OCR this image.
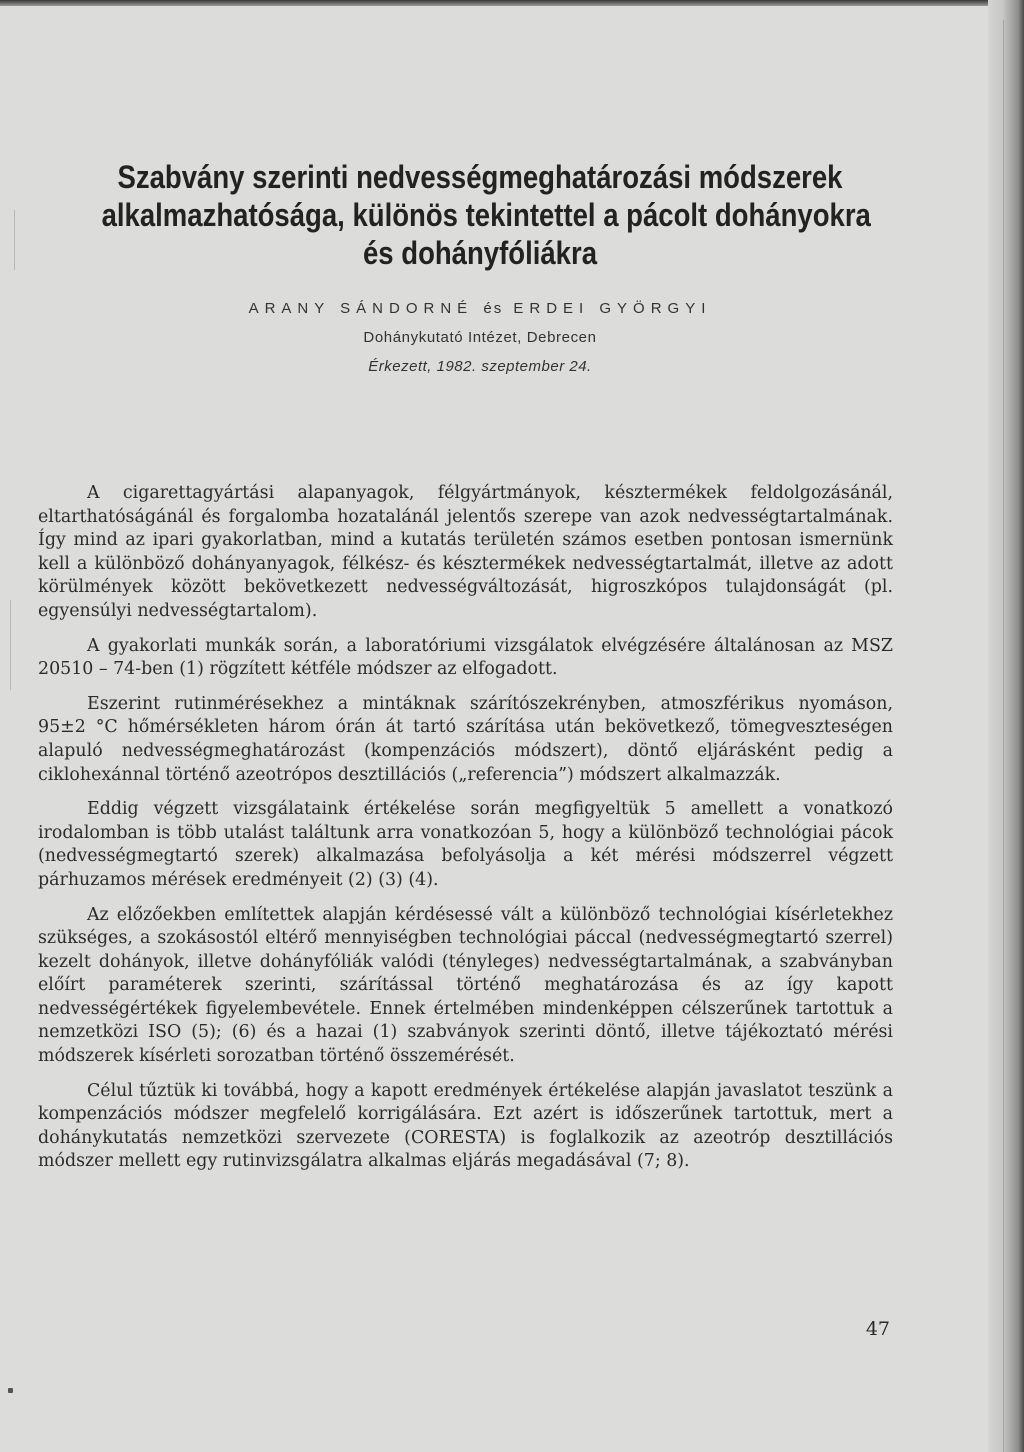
Szabvány szerinti nedvességmeghatározási módszerek
alkalmazhatósága, különös tekintettel a pácolt dohányokra
és dohányfóliákra
ARANY SÁNDORNÉ és ERDEI GYÖRGYI
Dohánykutató Intézet, Debrecen
Érkezett, 1982. szeptember 24.

A cigarettagyártási alapanyagok, félgyártmányok, késztermékek feldolgozásánál, eltarthatóságánál és forgalomba hozatalánál jelentős szerepe van azok nedvességtartalmának. Így mind az ipari gyakorlatban, mind a kutatás területén számos esetben pontosan ismernünk kell a különböző dohányanyagok, félkész- és késztermékek nedvességtartalmát, illetve az adott körülmények között bekövetkezett nedvességváltozását, higroszkópos tulajdonságát (pl. egyensúlyi nedvességtartalom).

A gyakorlati munkák során, a laboratóriumi vizsgálatok elvégzésére általánosan az MSZ 20510 – 74-ben (1) rögzített kétféle módszer az elfogadott.

Eszerint rutinmérésekhez a mintáknak szárítószekrényben, atmoszférikus nyomáson, 95±2 °C hőmérsékleten három órán át tartó szárítása után bekövetkező, tömegveszteségen alapuló nedvességmeghatározást (kompenzációs módszert), döntő eljárásként pedig a ciklohexánnal történő azeotrópos desztillációs („referencia”) módszert alkalmazzák.

Eddig végzett vizsgálataink értékelése során megfigyeltük 5 amellett a vonatkozó irodalomban is több utalást találtunk arra vonatkozóan 5, hogy a különböző technológiai pácok (nedvességmegtartó szerek) alkalmazása befolyásolja a két mérési módszerrel végzett párhuzamos mérések eredményeit (2) (3) (4).

Az előzőekben említettek alapján kérdésessé vált a különböző technológiai kísérletekhez szükséges, a szokásostól eltérő mennyiségben technológiai páccal (nedvességmegtartó szerrel) kezelt dohányok, illetve dohányfóliák valódi (tényleges) nedvességtartalmának, a szabványban előírt paraméterek szerinti, szárítással történő meghatározása és az így kapott nedvességértékek figyelembevétele. Ennek értelmében mindenképpen célszerűnek tartottuk a nemzetközi ISO (5); (6) és a hazai (1) szabványok szerinti döntő, illetve tájékoztató mérési módszerek kísérleti sorozatban történő összemérését.

Célul tűztük ki továbbá, hogy a kapott eredmények értékelése alapján javaslatot teszünk a kompenzációs módszer megfelelő korrigálására. Ezt azért is időszerűnek tartottuk, mert a dohánykutatás nemzetközi szervezete (CORESTA) is foglalkozik az azeotróp desztillációs módszer mellett egy rutinvizsgálatra alkalmas eljárás megadásával (7; 8).

47
